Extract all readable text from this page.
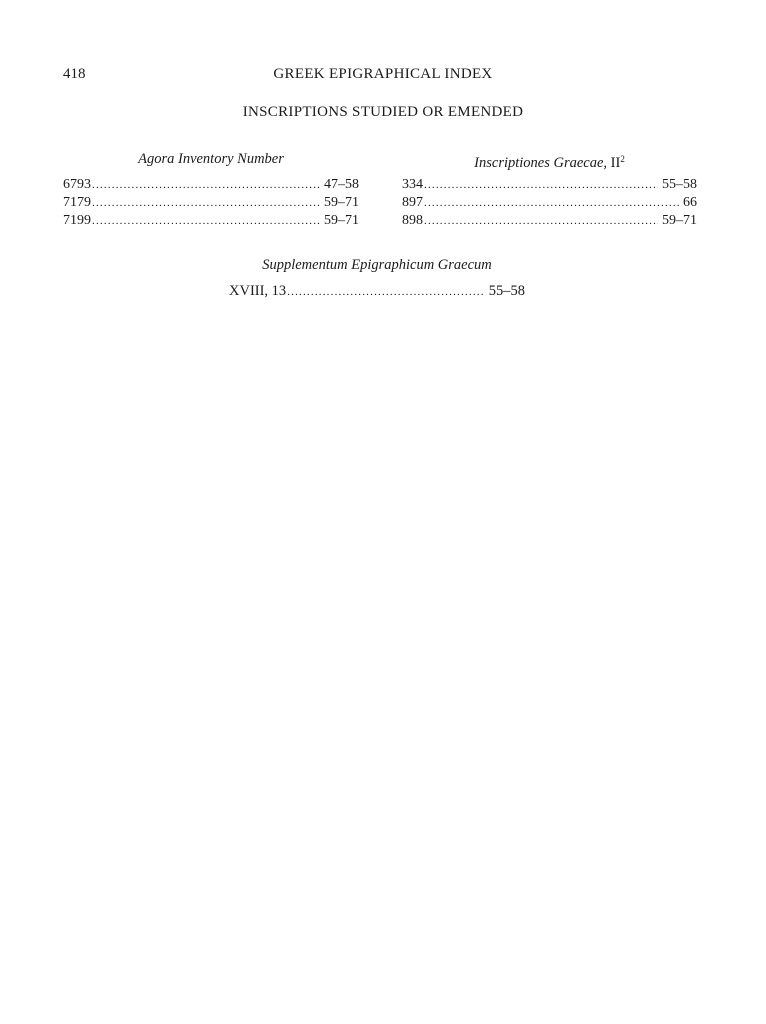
418	GREEK EPIGRAPHICAL INDEX
INSCRIPTIONS STUDIED OR EMENDED
Agora Inventory Number
6793 .....	47–58
7179 .....	59–71
7199 .....	59–71
Inscriptiones Graecae, $II^2$
334 .....	55–58
897 .....	66
898 .....	59–71
Supplementum Epigraphicum Graecum
XVIII, 13 .....	55–58
